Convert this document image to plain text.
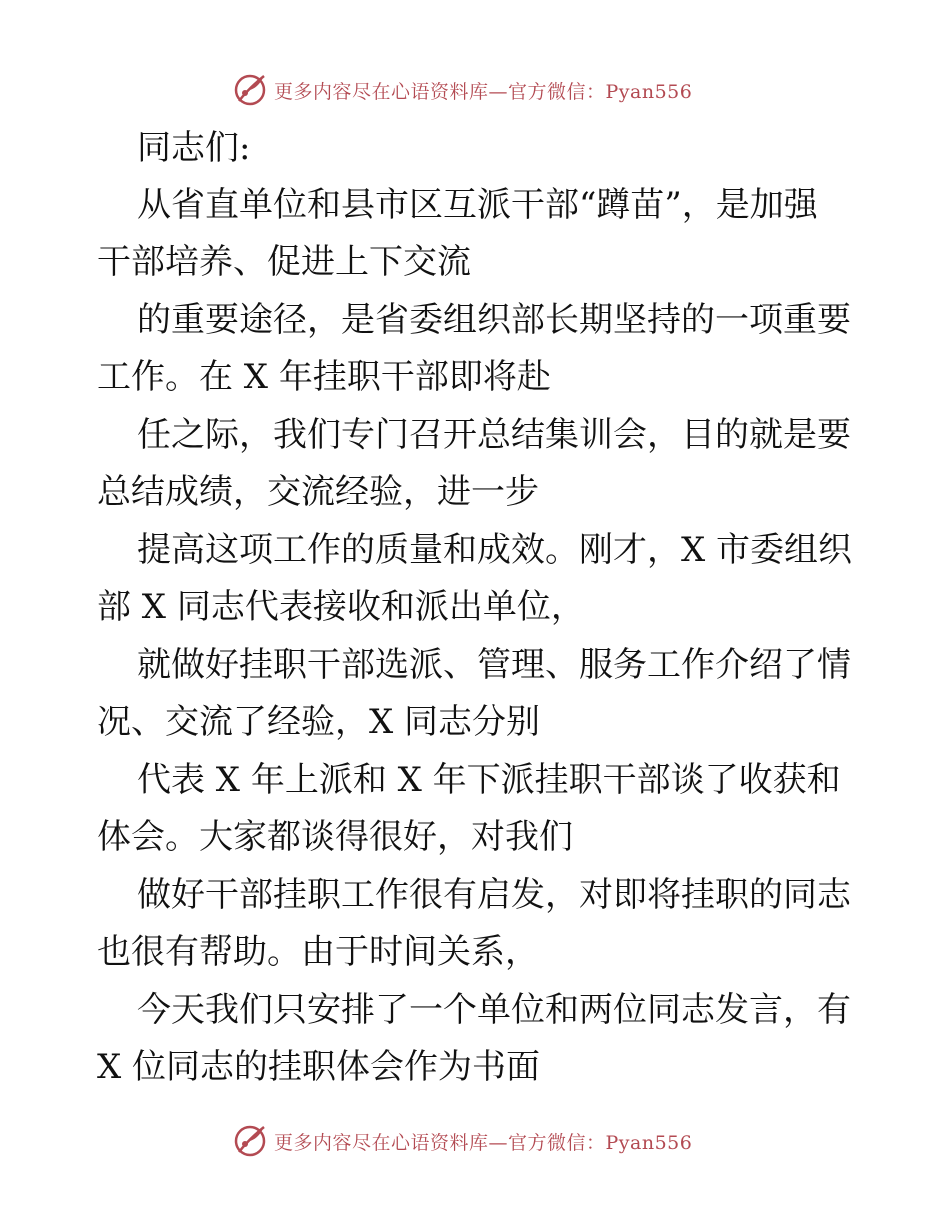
更多内容尽在心语资料库—官方微信：Pyan556
同志们:
从省直单位和县市区互派干部“蹲苗”，是加强
干部培养、促进上下交流
的重要途径，是省委组织部长期坚持的一项重要
工作。在 X 年挂职干部即将赴
任之际，我们专门召开总结集训会，目的就是要
总结成绩，交流经验，进一步
提高这项工作的质量和成效。刚才，X 市委组织
部 X 同志代表接收和派出单位，
就做好挂职干部选派、管理、服务工作介绍了情
况、交流了经验，X 同志分别
代表 X 年上派和 X 年下派挂职干部谈了收获和
体会。大家都谈得很好，对我们
做好干部挂职工作很有启发，对即将挂职的同志
也很有帮助。由于时间关系，
今天我们只安排了一个单位和两位同志发言，有
X 位同志的挂职体会作为书面
更多内容尽在心语资料库—官方微信：Pyan556
